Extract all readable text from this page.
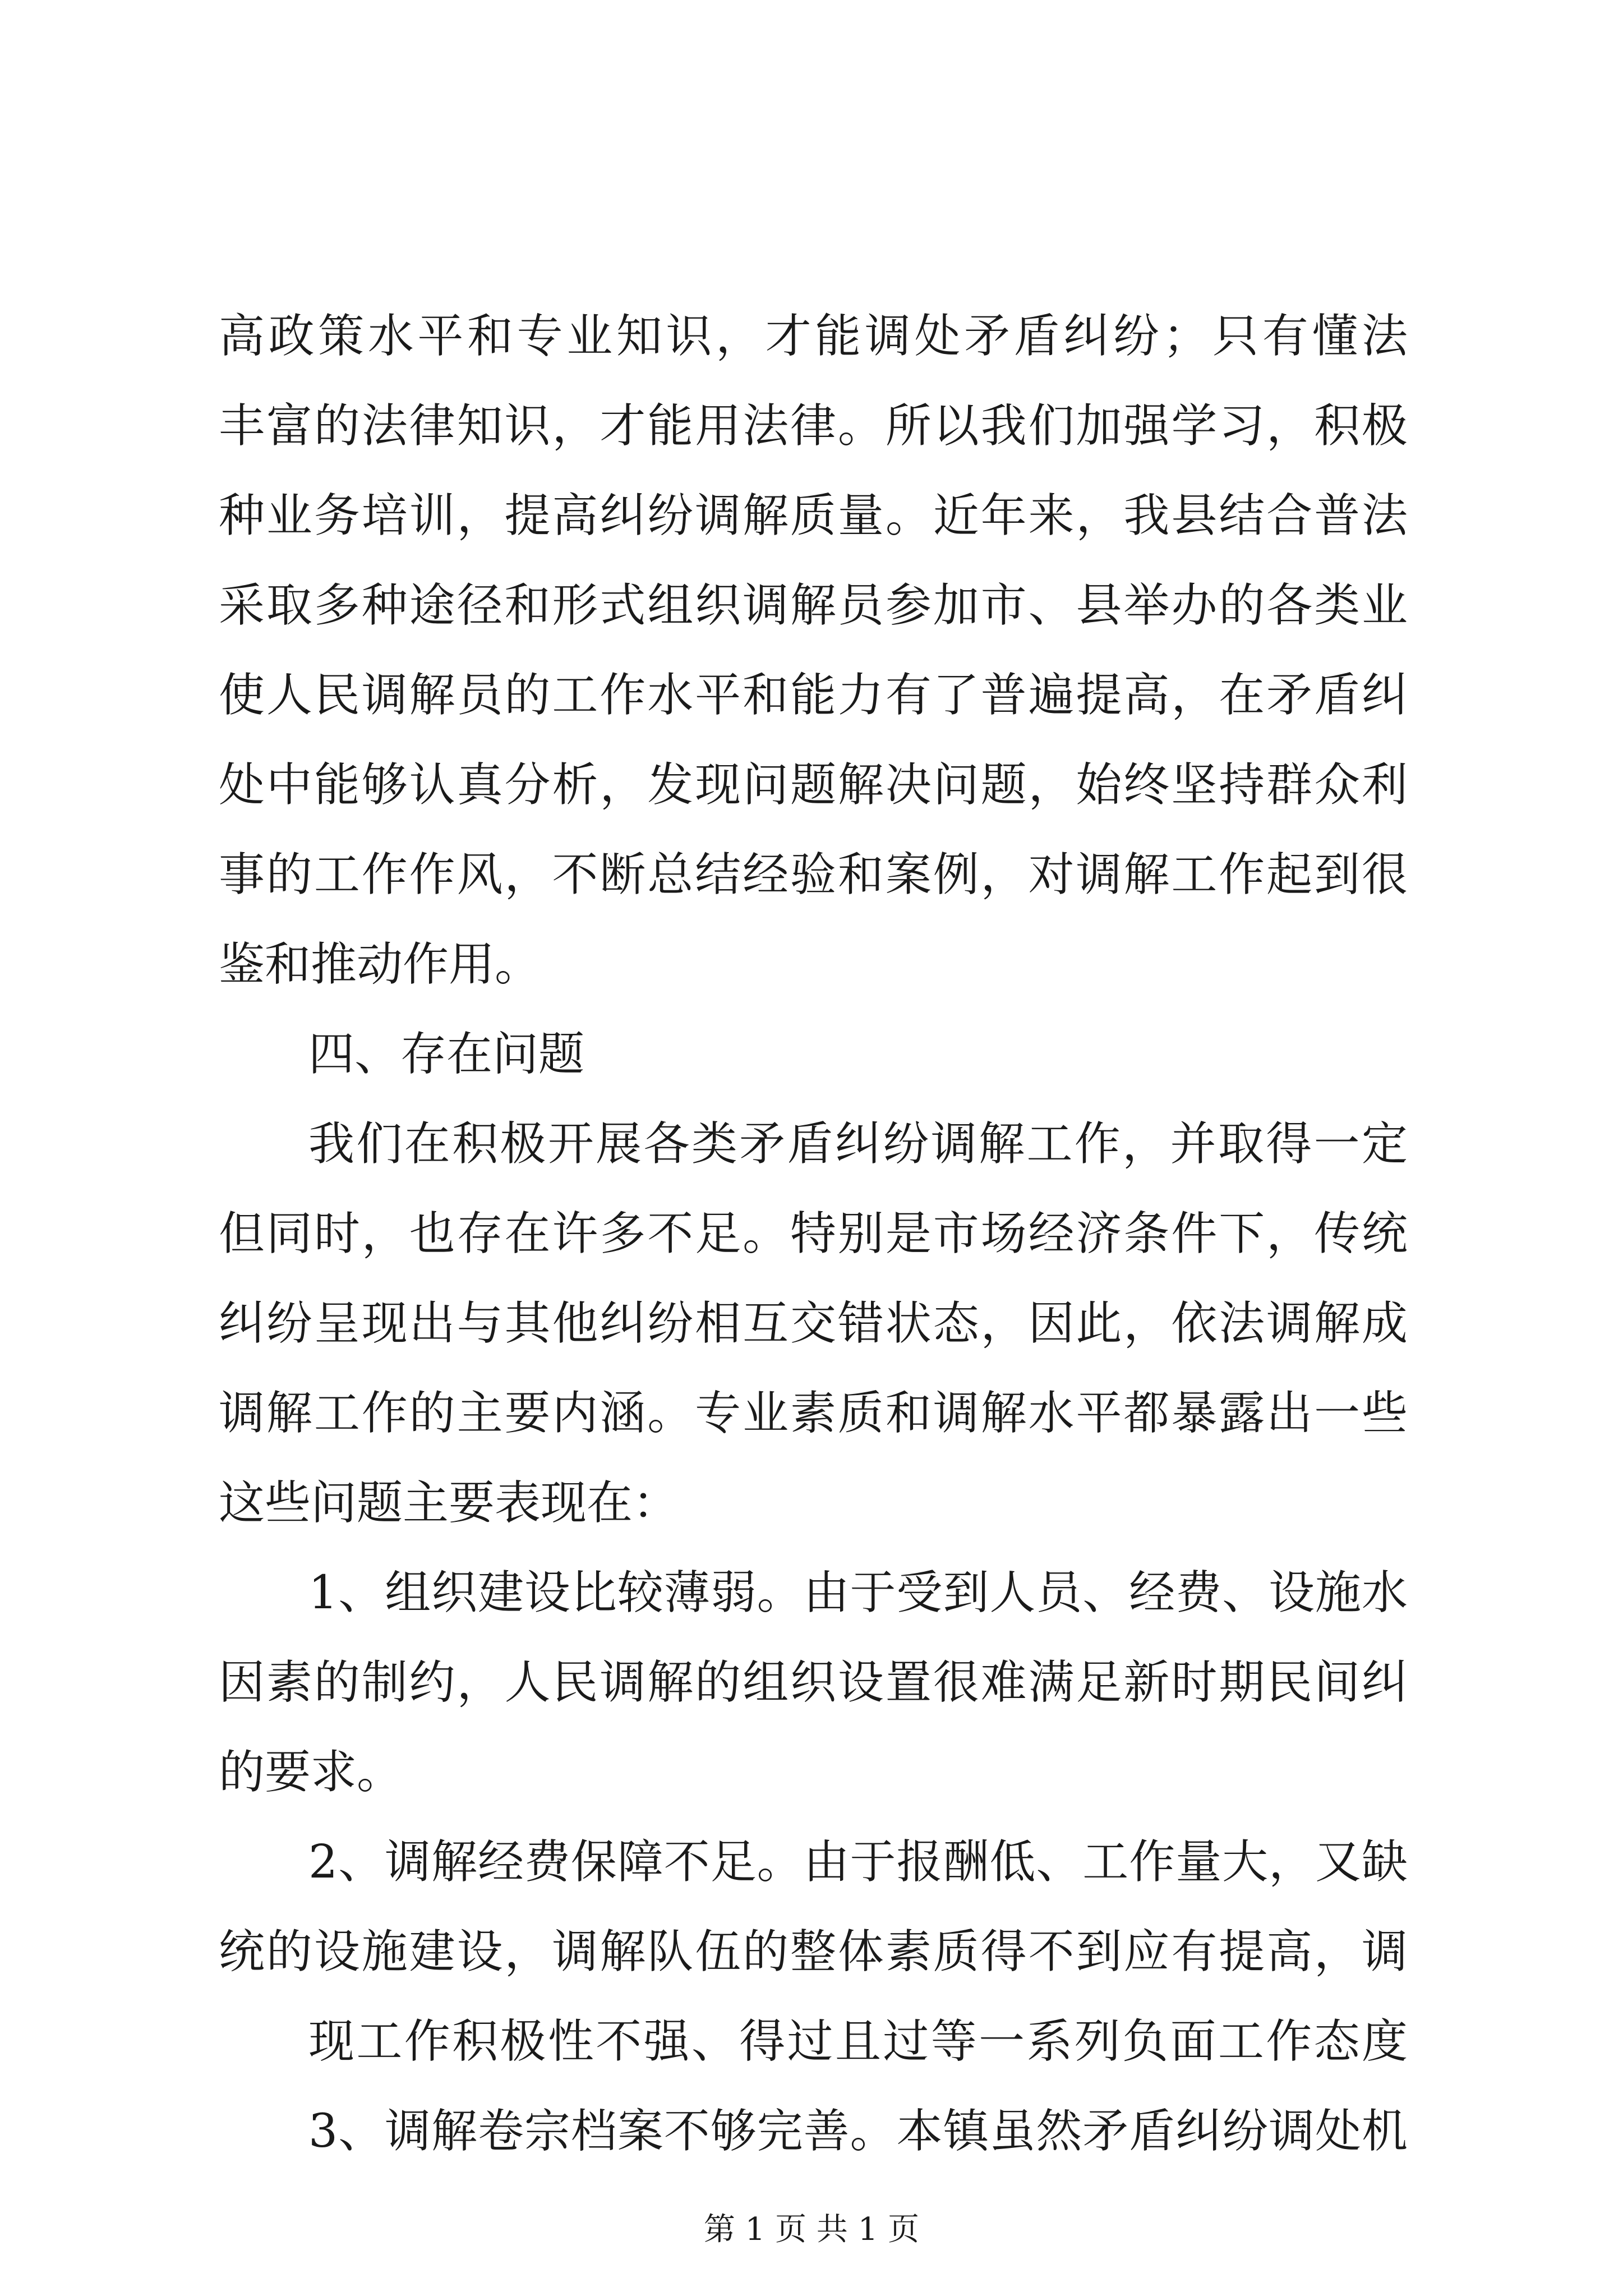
高政策水平和专业知识，才能调处矛盾纠纷；只有懂法
丰富的法律知识，才能用法律。所以我们加强学习，积极
种业务培训，提高纠纷调解质量。近年来，我县结合普法
采取多种途径和形式组织调解员参加市、县举办的各类业
使人民调解员的工作水平和能力有了普遍提高，在矛盾纠
处中能够认真分析，发现问题解决问题，始终坚持群众利
事的工作作风，不断总结经验和案例，对调解工作起到很
鉴和推动作用。
四、存在问题
我们在积极开展各类矛盾纠纷调解工作，并取得一定
但同时，也存在许多不足。特别是市场经济条件下，传统
纠纷呈现出与其他纠纷相互交错状态，因此，依法调解成
调解工作的主要内涵。专业素质和调解水平都暴露出一些
这些问题主要表现在：
1、组织建设比较薄弱。由于受到人员、经费、设施水
因素的制约，人民调解的组织设置很难满足新时期民间纠
的要求。
2、调解经费保障不足。由于报酬低、工作量大，又缺
统的设施建设，调解队伍的整体素质得不到应有提高，调
现工作积极性不强、得过且过等一系列负面工作态度
3、调解卷宗档案不够完善。本镇虽然矛盾纠纷调处机
第 1 页 共 1 页
